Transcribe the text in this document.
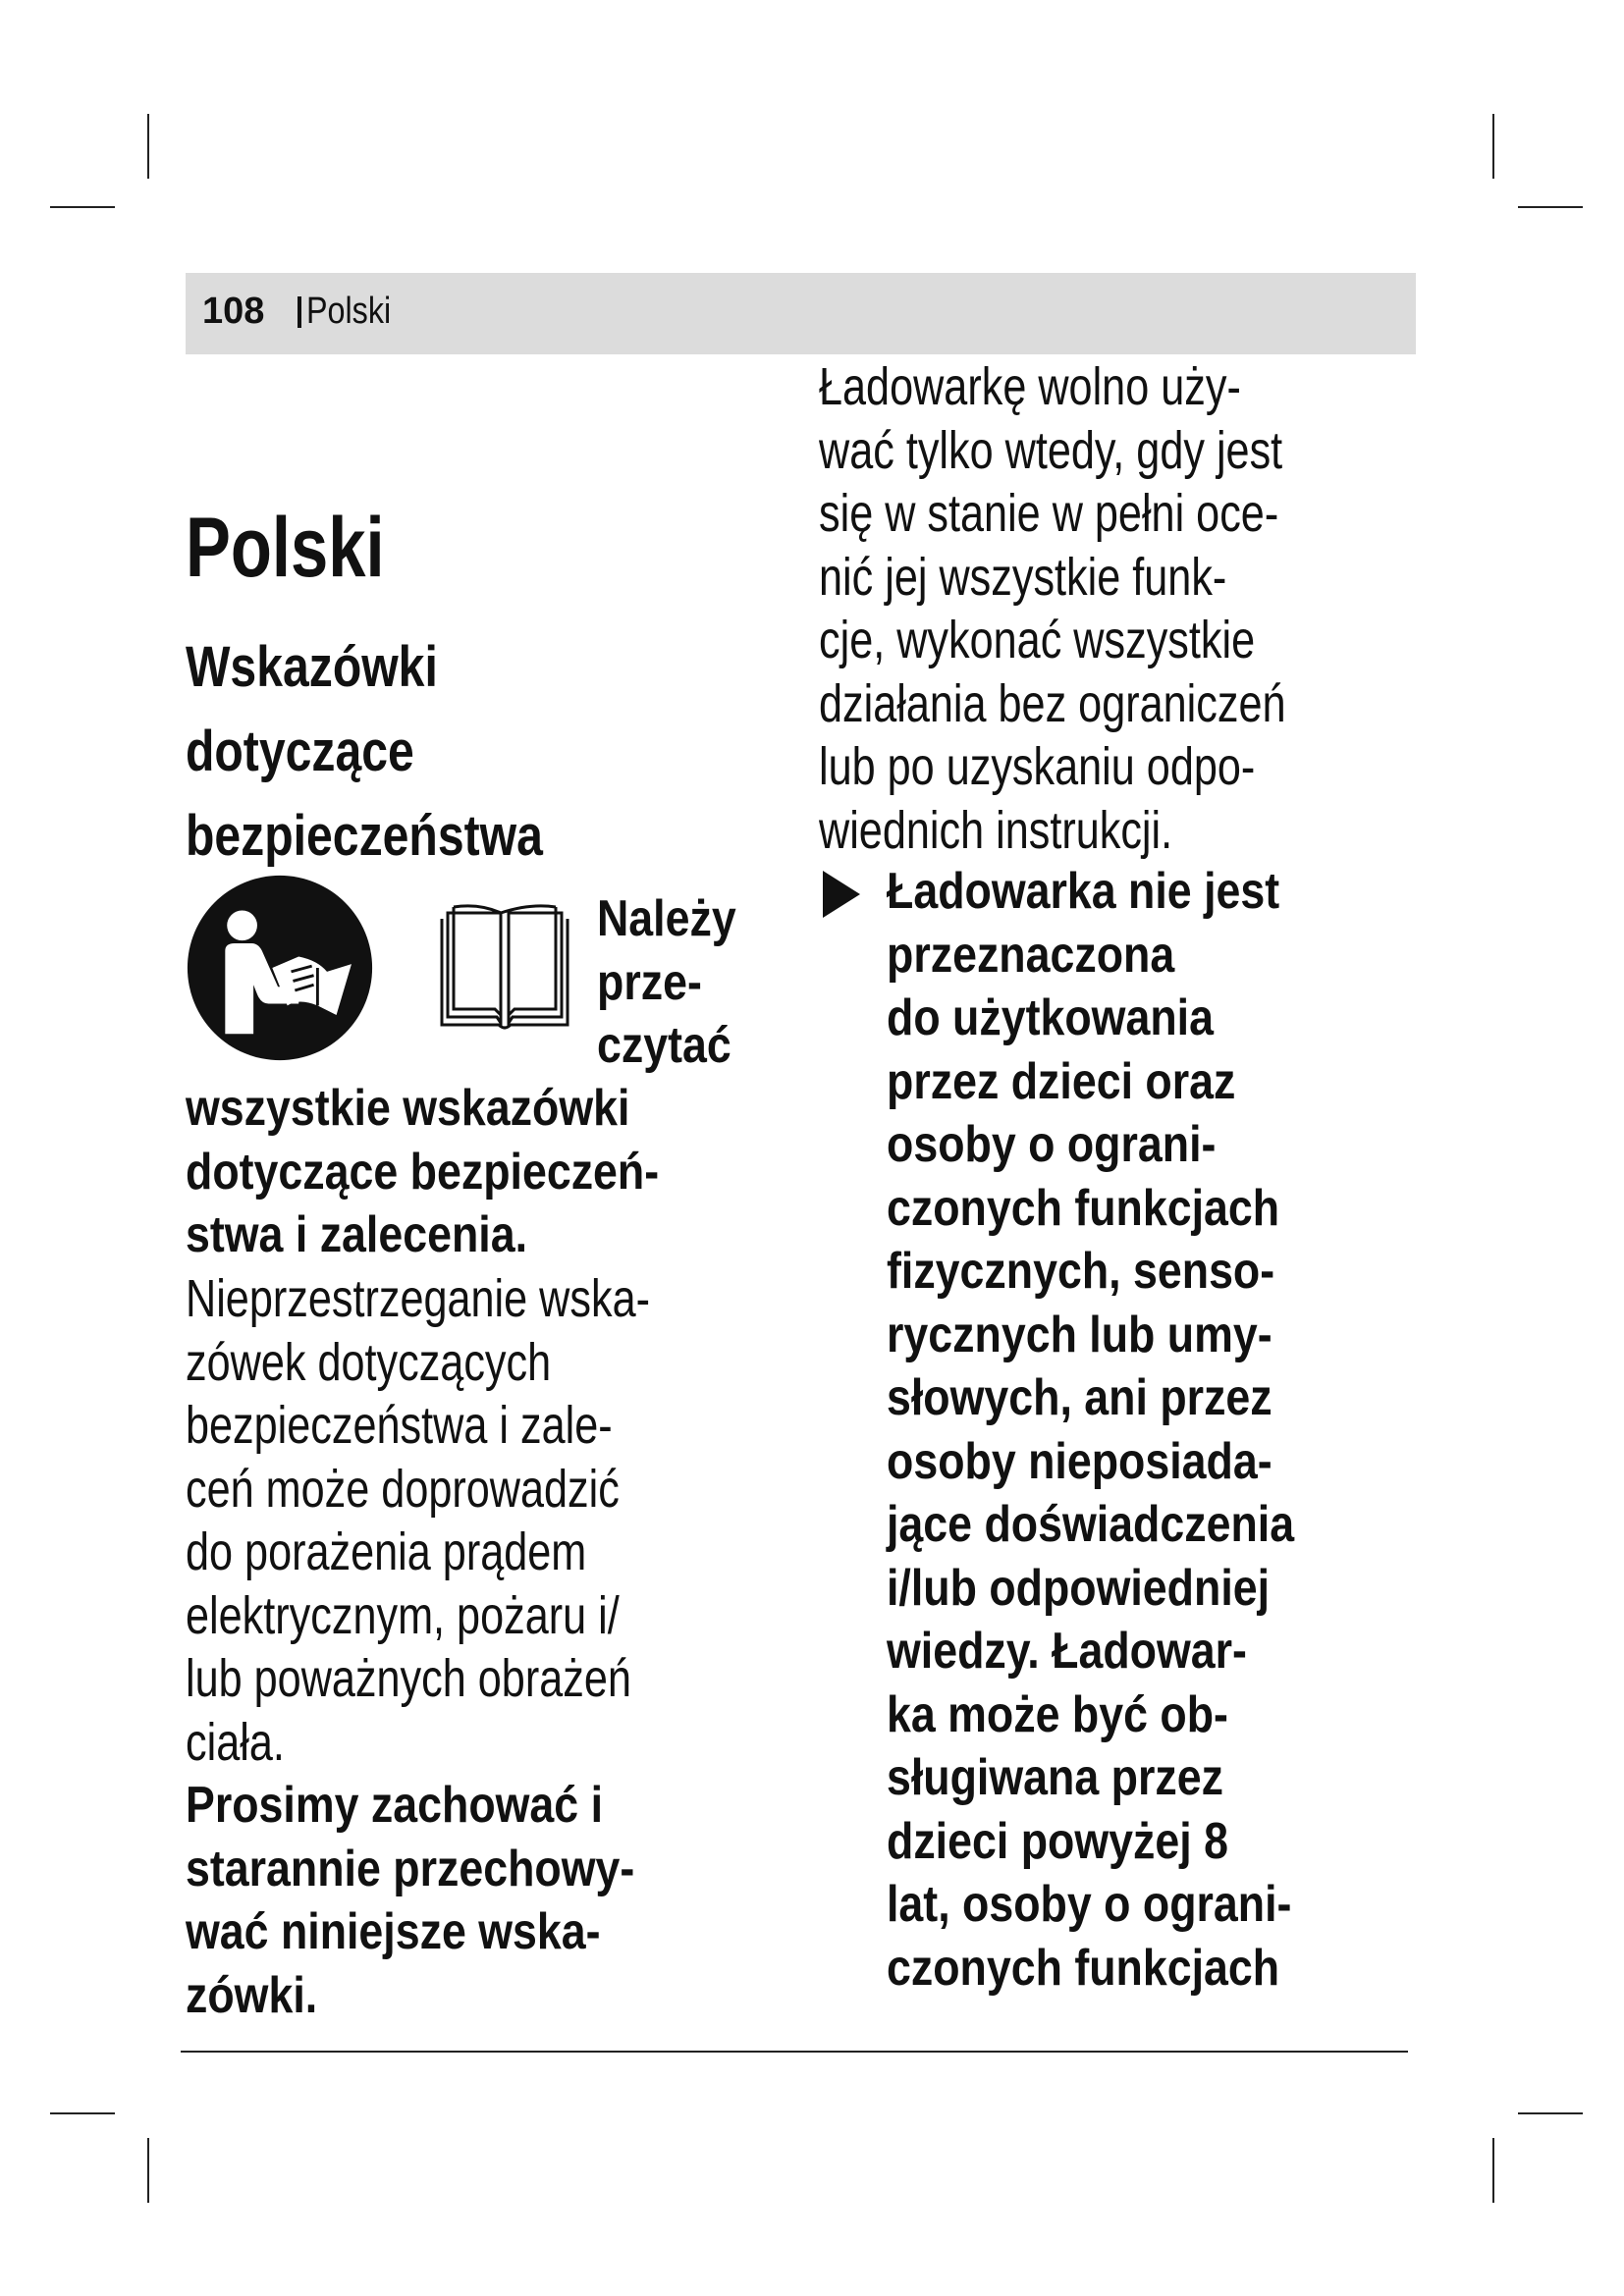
108 Polski
Polski
Wskazówki
dotyczące
bezpieczeństwa
Należy
prze-
czytać
wszystkie wskazówki
dotyczące bezpieczeń-
stwa i zalecenia.
Nieprzestrzeganie wska-
zówek dotyczących
bezpieczeństwa i zale-
ceń może doprowadzić
do porażenia prądem
elektrycznym, pożaru i/
lub poważnych obrażeń
ciała.
Prosimy zachować i
starannie przechowy-
wać niniejsze wska-
zówki.
Ładowarkę wolno uży-
wać tylko wtedy, gdy jest
się w stanie w pełni oce-
nić jej wszystkie funk-
cje, wykonać wszystkie
działania bez ograniczeń
lub po uzyskaniu odpo-
wiednich instrukcji.
Ładowarka nie jest
przeznaczona
do użytkowania
przez dzieci oraz
osoby o ograni-
czonych funkcjach
fizycznych, senso-
rycznych lub umy-
słowych, ani przez
osoby nieposiada-
jące doświadczenia
i/lub odpowiedniej
wiedzy. Ładowar-
ka może być ob-
sługiwana przez
dzieci powyżej 8
lat, osoby o ograni-
czonych funkcjach
